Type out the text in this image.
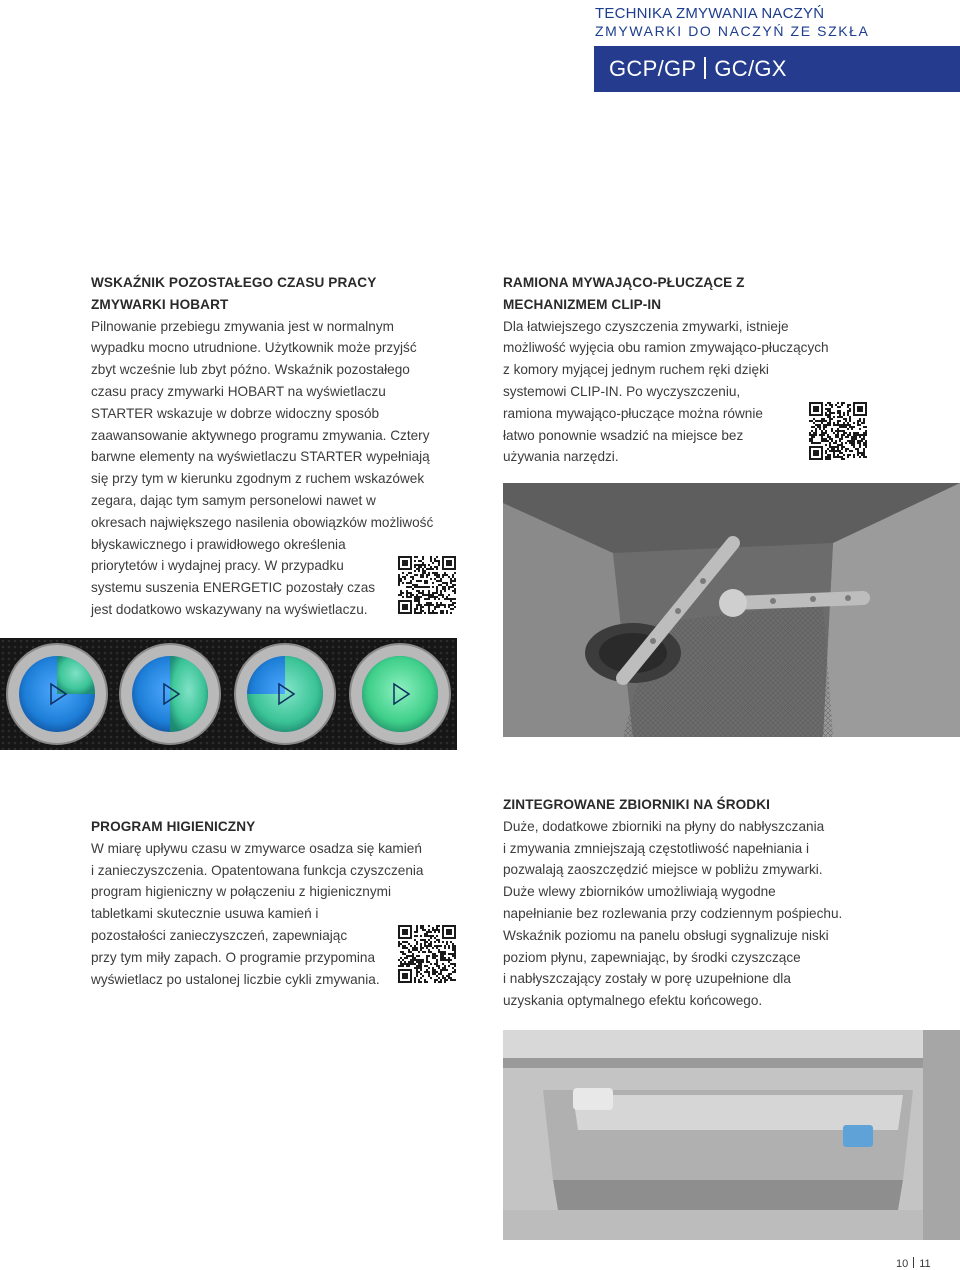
TECHNIKA ZMYWANIA NACZYŃ
ZMYWARKI DO NACZYŃ ZE SZKŁA
GCP/GP GC/GX

WSKAŹNIK POZOSTAŁEGO CZASU PRACY

ZMYWARKI HOBART

Pilnowanie przebiegu zmywania jest w normalnym

wypadku mocno utrudnione. Użytkownik może przyjść

zbyt wcześnie lub zbyt późno. Wskaźnik pozostałego

czasu pracy zmywarki HOBART na wyświetlaczu

STARTER wskazuje w dobrze widoczny sposób

zaawansowanie aktywnego programu zmywania. Cztery

barwne elementy na wyświetlaczu STARTER wypełniają

się przy tym w kierunku zgodnym z ruchem wskazówek

zegara, dając tym samym personelowi nawet w

okresach największego nasilenia obowiązków możliwość

błyskawicznego i prawidłowego określenia

priorytetów i wydajnej pracy. W przypadku

systemu suszenia ENERGETIC pozostały czas

jest dodatkowo wskazywany na wyświetlaczu.

RAMIONA MYWAJĄCO-PŁUCZĄCE Z

MECHANIZMEM CLIP-IN

Dla łatwiejszego czyszczenia zmywarki, istnieje

możliwość wyjęcia obu ramion zmywająco-płuczących

z komory myjącej jednym ruchem ręki dzięki

systemowi CLIP-IN. Po wyczyszczeniu,

ramiona mywająco-płuczące można równie

łatwo ponownie wsadzić na miejsce bez

używania narzędzi.

PROGRAM HIGIENICZNY

W miarę upływu czasu w zmywarce osadza się kamień

i zanieczyszczenia. Opatentowana funkcja czyszczenia

program higieniczny w połączeniu z higienicznymi

tabletkami skutecznie usuwa kamień i

pozostałości zanieczyszczeń, zapewniając

przy tym miły zapach. O programie przypomina

wyświetlacz po ustalonej liczbie cykli zmywania.

ZINTEGROWANE ZBIORNIKI NA ŚRODKI

Duże, dodatkowe zbiorniki na płyny do nabłyszczania

i zmywania zmniejszają częstotliwość napełniania i

pozwalają zaoszczędzić miejsce w pobliżu zmywarki.

Duże wlewy zbiorników umożliwiają wygodne

napełnianie bez rozlewania przy codziennym pośpiechu.

Wskaźnik poziomu na panelu obsługi sygnalizuje niski

poziom płynu, zapewniając, by środki czyszczące

i nabłyszczający zostały w porę uzupełnione dla

uzyskania optymalnego efektu końcowego.

10 11
